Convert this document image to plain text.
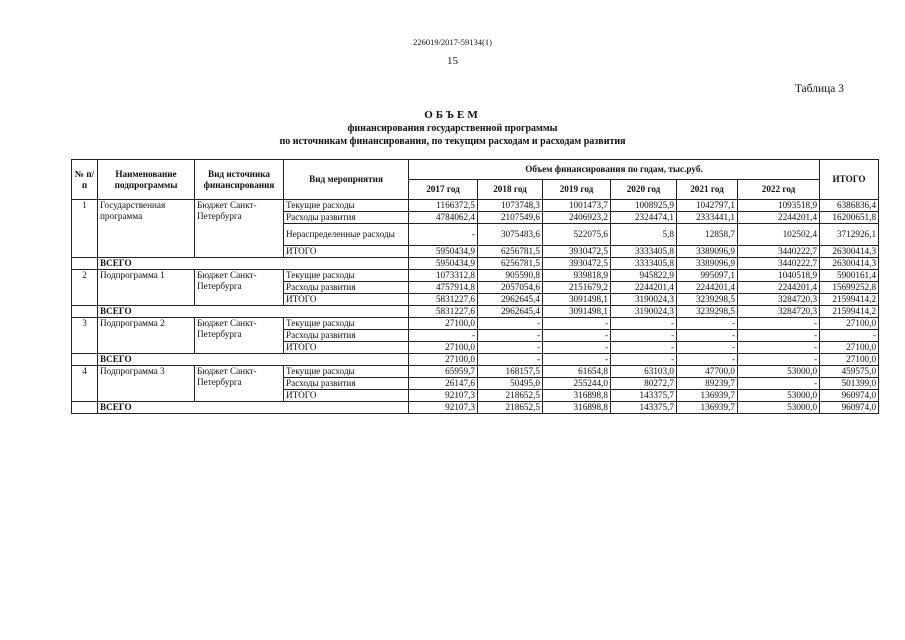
226019/2017-59134(1)
15
Таблица 3
ОБЪЕМ
финансирования государственной программы
по источникам финансирования, по текущим расходам и расходам развития
№ п/п	Наименование подпрограммы	Вид источника финансирования	Вид мероприятия	Объем финансирования по годам, тыс.руб.						ИТОГО
				2017 год	2018 год	2019 год	2020 год	2021 год	2022 год	
1	Государственная программа	Бюджет Санкт-Петербурга	Текущие расходы	1166372,5	1073748,3	1001473,7	1008925,9	1042797,1	1093518,9	6386836,4
			Расходы развития	4784062,4	2107549,6	2406923,2	2324474,1	2333441,1	2244201,4	16200651,8
			Нераспределенные расходы	-	3075483,6	522075,6	5,8	12858,7	102502,4	3712926,1
			ИТОГО	5950434,9	6256781,5	3930472,5	3333405,8	3389096,9	3440222,7	26300414,3
	ВСЕГО			5950434,9	6256781,5	3930472,5	3333405,8	3389096,9	3440222,7	26300414,3
2	Подпрограмма 1	Бюджет Санкт-Петербурга	Текущие расходы	1073312,8	905590,8	939818,9	945822,9	995097,1	1040518,9	5900161,4
			Расходы развития	4757914,8	2057054,6	2151679,2	2244201,4	2244201,4	2244201,4	15699252,8
			ИТОГО	5831227,6	2962645,4	3091498,1	3190024,3	3239298,5	3284720,3	21599414,2
	ВСЕГО			5831227,6	2962645,4	3091498,1	3190024,3	3239298,5	3284720,3	21599414,2
3	Подпрограмма 2	Бюджет Санкт-Петербурга	Текущие расходы	27100,0	-	-	-	-	-	27100,0
			Расходы развития	-	-	-	-	-	-	-
			ИТОГО	27100,0	-	-	-	-	-	27100,0
	ВСЕГО			27100,0	-	-	-	-	-	27100,0
4	Подпрограмма 3	Бюджет Санкт-Петербурга	Текущие расходы	65959,7	168157,5	61654,8	63103,0	47700,0	53000,0	459575,0
			Расходы развития	26147,6	50495,0	255244,0	80272,7	89239,7	-	501399,0
			ИТОГО	92107,3	218652,5	316898,8	143375,7	136939,7	53000,0	960974,0
	ВСЕГО			92107,3	218652,5	316898,8	143375,7	136939,7	53000,0	960974,0
